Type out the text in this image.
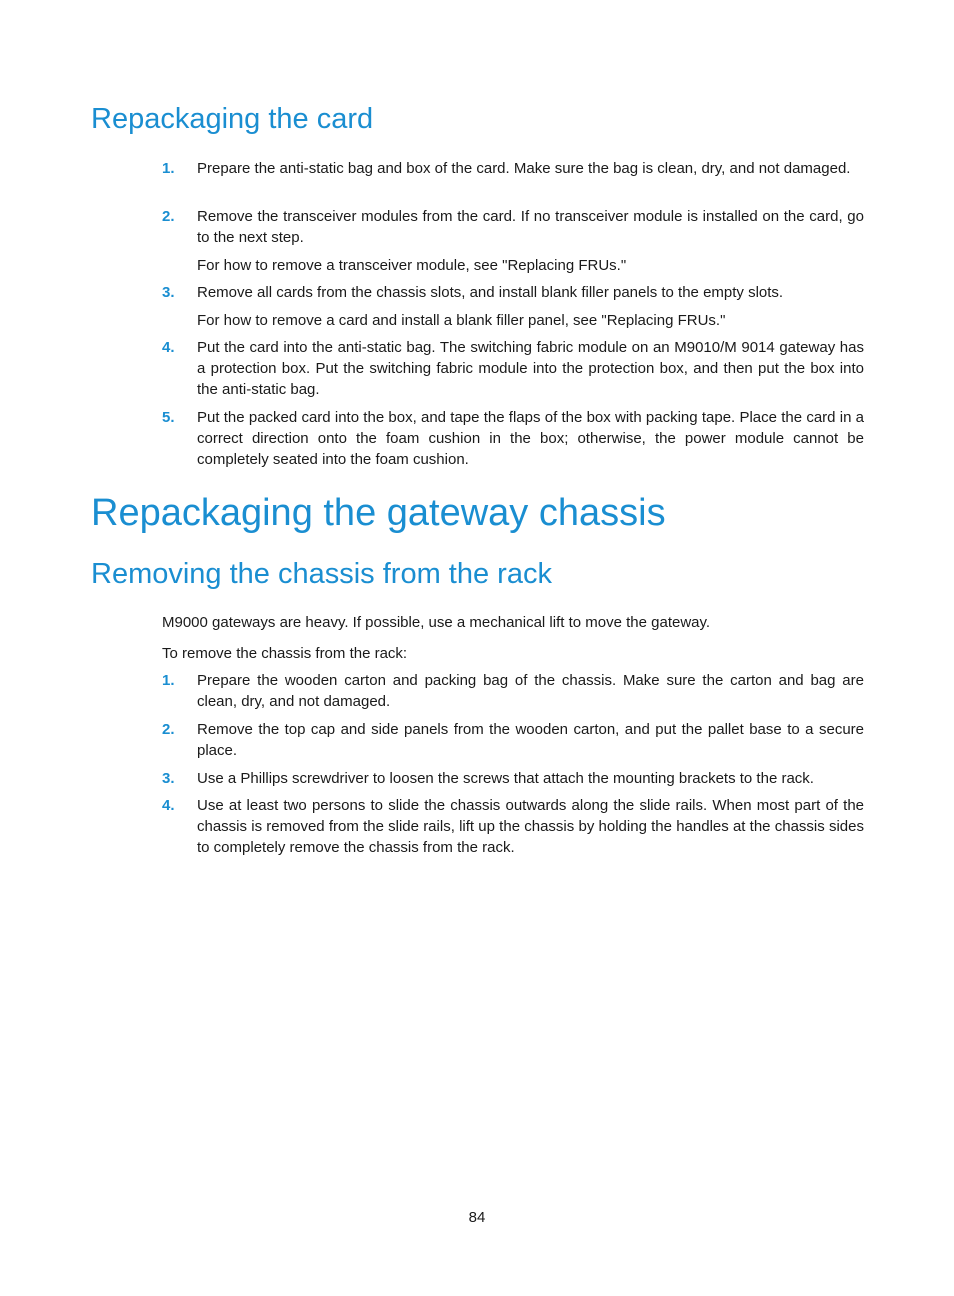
Repackaging the card
1. Prepare the anti-static bag and box of the card. Make sure the bag is clean, dry, and not damaged.
2. Remove the transceiver modules from the card. If no transceiver module is installed on the card, go to the next step.

For how to remove a transceiver module, see "Replacing FRUs."

3. Remove all cards from the chassis slots, and install blank filler panels to the empty slots.

For how to remove a card and install a blank filler panel, see "Replacing FRUs."

4. Put the card into the anti-static bag. The switching fabric module on an M9010/M 9014 gateway has a protection box. Put the switching fabric module into the protection box, and then put the box into the anti-static bag.
5. Put the packed card into the box, and tape the flaps of the box with packing tape. Place the card in a correct direction onto the foam cushion in the box; otherwise, the power module cannot be completely seated into the foam cushion.
Repackaging the gateway chassis
Removing the chassis from the rack

M9000 gateways are heavy. If possible, use a mechanical lift to move the gateway.

To remove the chassis from the rack:

1. Prepare the wooden carton and packing bag of the chassis. Make sure the carton and bag are clean, dry, and not damaged.
2. Remove the top cap and side panels from the wooden carton, and put the pallet base to a secure place.
3. Use a Phillips screwdriver to loosen the screws that attach the mounting brackets to the rack.
4. Use at least two persons to slide the chassis outwards along the slide rails. When most part of the chassis is removed from the slide rails, lift up the chassis by holding the handles at the chassis sides to completely remove the chassis from the rack.
84
